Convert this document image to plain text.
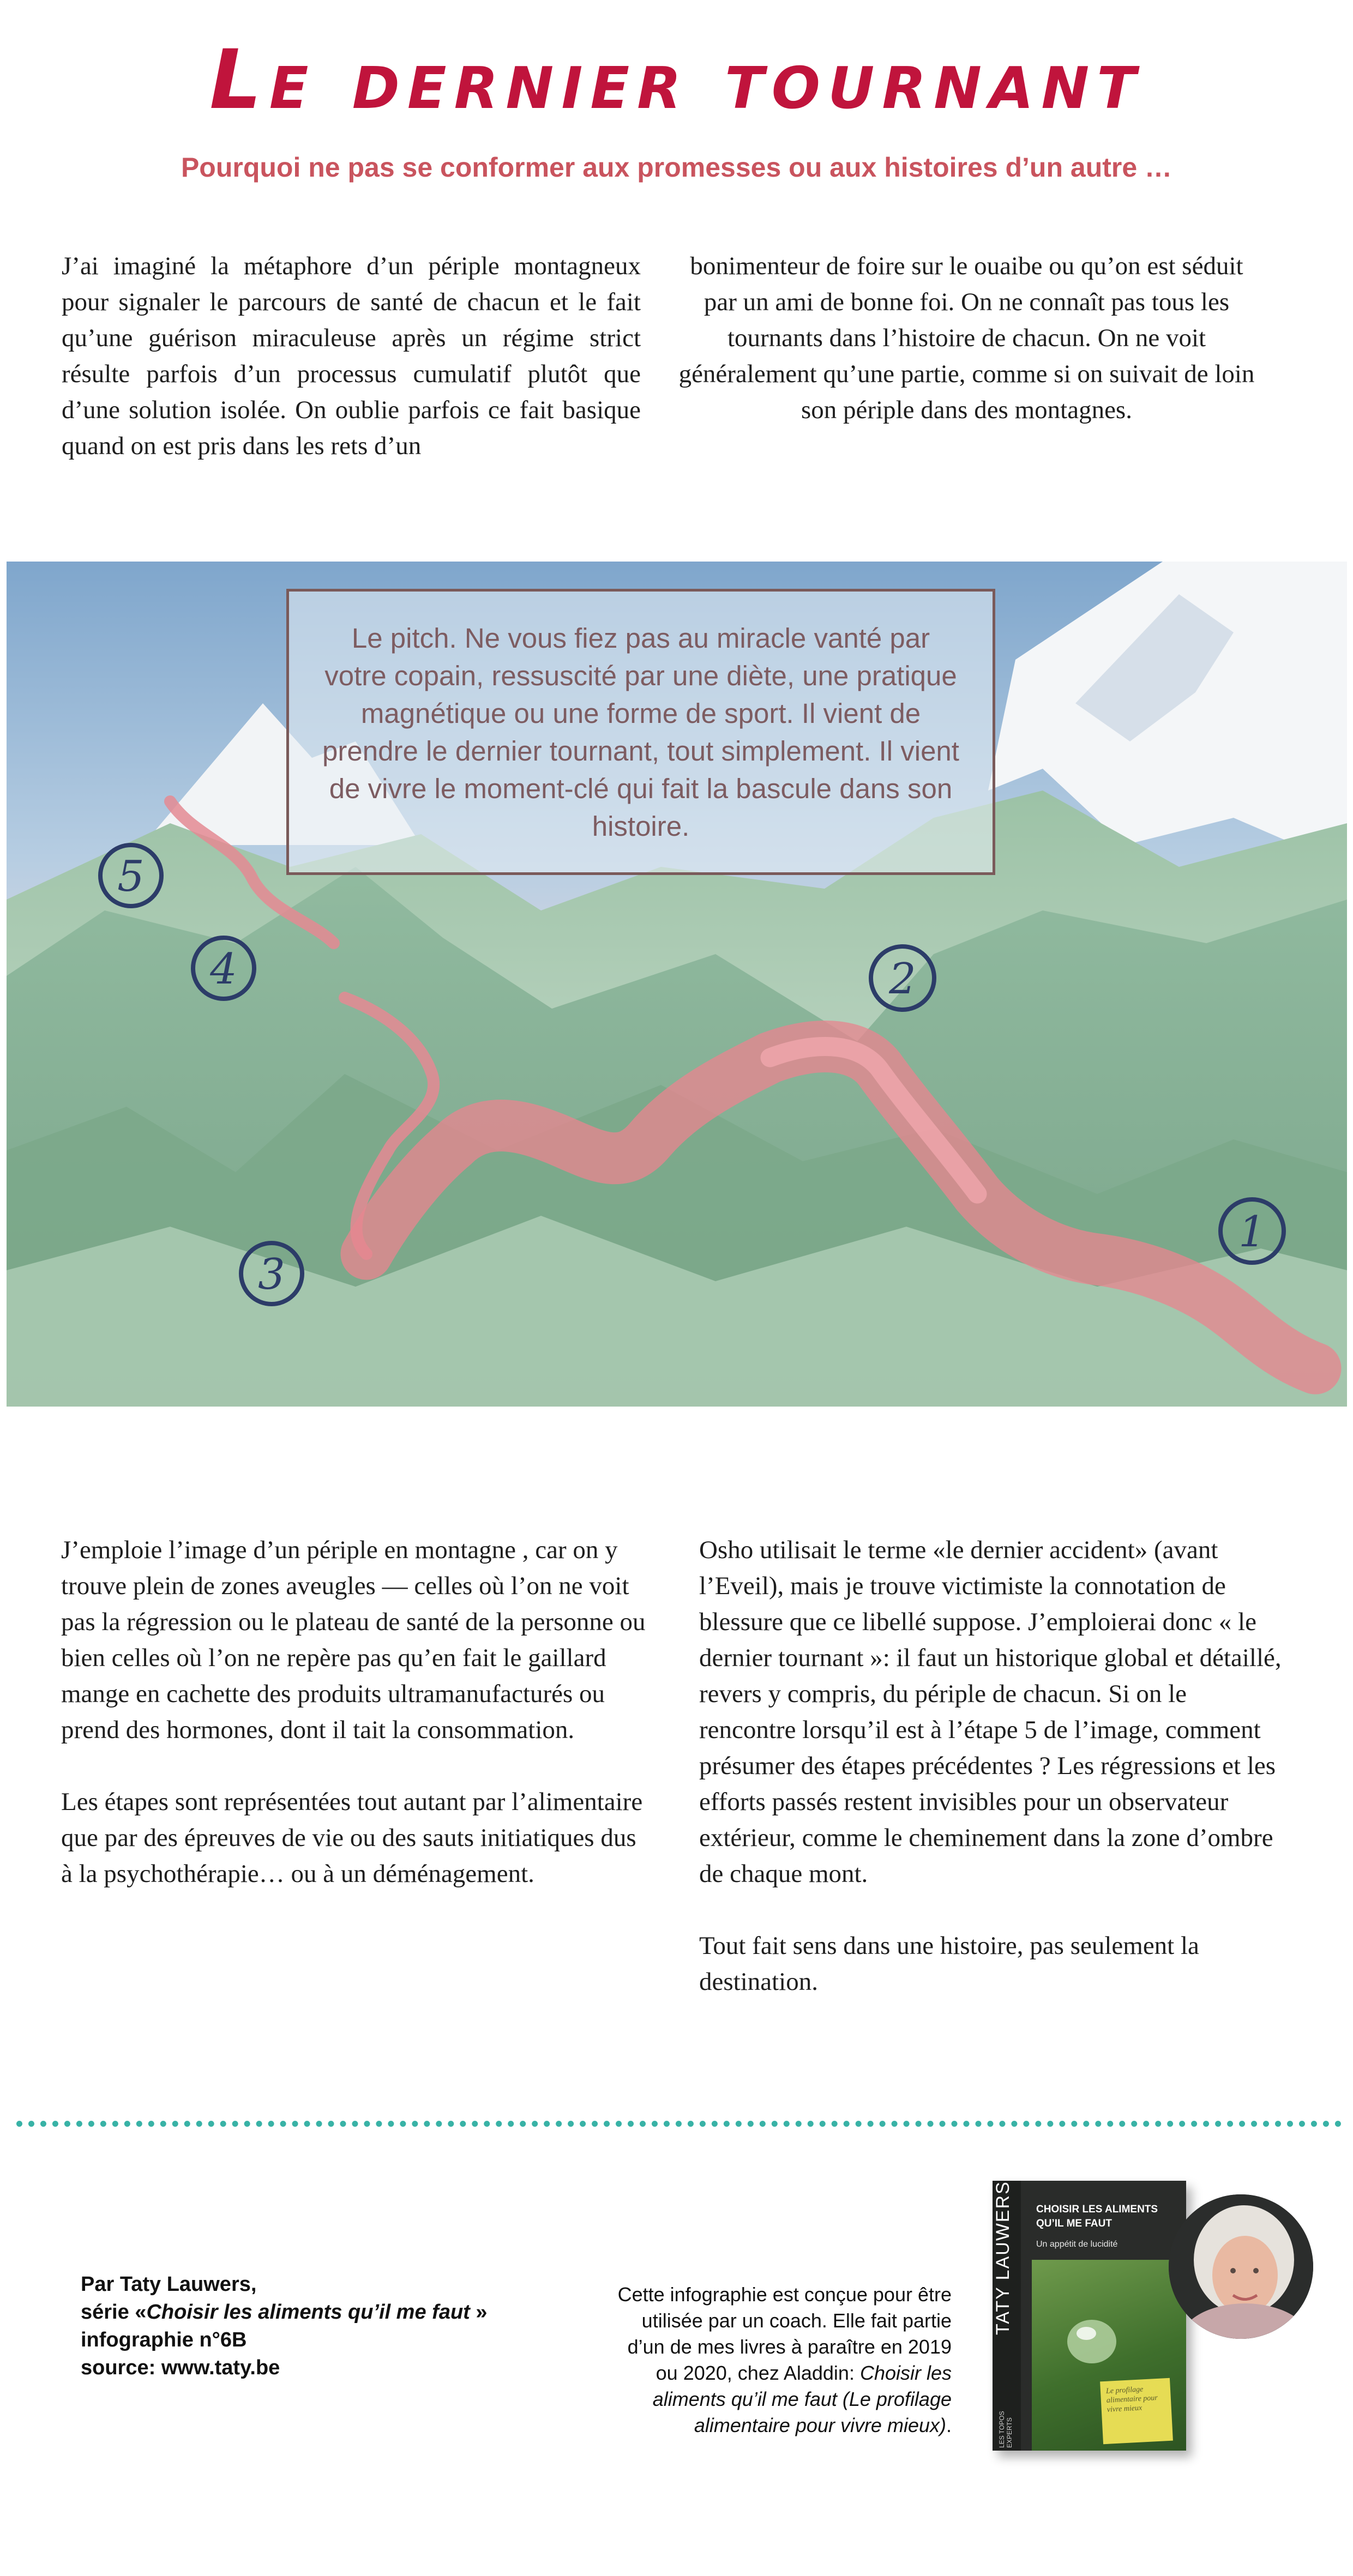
Le dernier tournant
Pourquoi ne pas se conformer aux promesses ou aux histoires d’un autre …
J’ai imaginé la métaphore d’un périple montagneux pour signaler le parcours de santé de chacun et le fait qu’une guérison miraculeuse après un régime strict résulte parfois d’un processus cumulatif plutôt que d’une solution isolée. On oublie parfois ce fait basique quand on est pris dans les rets d’un
bonimenteur de foire sur le ouaibe ou qu’on est séduit par un ami de bonne foi. On ne connaît pas tous les tournants dans l’histoire de chacun. On ne voit généralement qu’une partie, comme si on suivait de loin son périple dans des montagnes.
1
2
3
4
5
Le pitch. Ne vous fiez pas au miracle vanté par votre copain, ressuscité par une diète, une pratique magnétique ou une forme de sport. Il vient de prendre le dernier tournant, tout simplement. Il vient de vivre le moment-clé qui fait la bascule dans son histoire.

J’emploie l’image d’un périple en montagne , car on y trouve plein de zones aveugles — celles où l’on ne voit pas la régression ou le plateau de santé de la personne ou bien celles où l’on ne repère pas qu’en fait le gaillard mange en cachette des produits ultramanufacturés ou prend des hormones, dont il tait la consommation.

Les étapes sont représentées tout autant par l’alimentaire que par des épreuves de vie ou des sauts initiatiques dus à la psychothérapie… ou à un déménagement.

Osho utilisait le terme «le dernier accident» (avant l’Eveil), mais je trouve victimiste la connotation de blessure que ce libellé suppose. J’emploierai donc « le dernier tournant »: il faut un historique global et détaillé, revers y compris, du périple de chacun. Si on le rencontre lorsqu’il est à l’étape 5 de l’image, comment présumer des étapes précédentes ? Les régressions et les efforts passés restent invisibles pour un observateur extérieur, comme le cheminement dans la zone d’ombre de chaque mont.

Tout fait sens dans une histoire, pas seulement la destination.

Par Taty Lauwers,
série «Choisir les aliments qu’il me faut »
infographie n°6B
source: www.taty.be
Cette infographie est conçue pour être utilisée par un coach. Elle fait partie d’un de mes livres à paraître en 2019 ou 2020, chez Aladdin: Choisir les aliments qu’il me faut (Le profilage alimentaire pour vivre mieux).
TATY LAUWERS
LES TOPOS EXPERTS
CHOISIR LES ALIMENTS QU’IL ME FAUT
Un appétit de lucidité
Le profilage alimentaire pour vivre mieux
